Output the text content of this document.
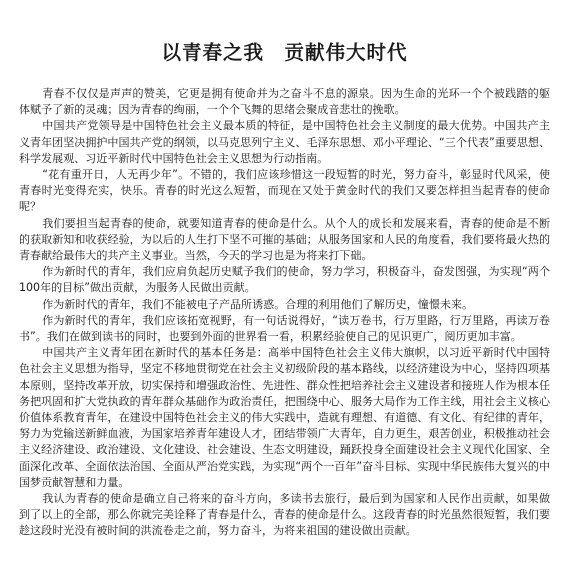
以青春之我　贡献伟大时代

青春不仅仅是声声的赞美，它更是拥有使命并为之奋斗不息的源泉。因为生命的光环一个个被践踏的躯体赋予了新的灵魂；因为青春的绚丽，一个个飞舞的思绪会聚成音悲壮的挽歌。

中国共产党领导是中国特色社会主义最本质的特征，是中国特色社会主义制度的最大优势。中国共产主义青年团坚决拥护中国共产党的纲领，以马克思列宁主义、毛泽东思想、邓小平理论、“三个代表”重要思想、科学发展观、习近平新时代中国特色社会主义思想为行动指南。

“花有重开日，人无再少年”。不错的，我们应该珍惜这一段短暂的时光，努力奋斗，彰显时代风采，使青春时光变得充实，快乐。青春的时光这么短暂，而现在又处于黄金时代的我们又要怎样担当起青春的使命呢？

我们要担当起青春的使命，就要知道青春的使命是什么。从个人的成长和发展来看，青春的使命是不断的获取新知和收获经验，为以后的人生打下坚不可摧的基础；从服务国家和人民的角度看，我们要将最火热的青春献给最伟大的共产主义事业。当然，今天的学习也是为将来打下础。

作为新时代的青年，我们应肩负起历史赋予我们的使命，努力学习，积极奋斗，奋发图强，为实现“两个100年的目标”做出贡献，为服务人民做出贡献。

作为新时代的青年，我们不能被电子产品所诱惑。合理的利用他们了解历史，憧憬未来。

作为新时代的青年，我们应该拓宽视野，有一句话说得好，“读万卷书，行万里路，行万里路，再读万卷书”。我们在做到读书的同时，也要到外面的世界看一看，积累经验使自己的见识更广，阅历更加丰富。

中国共产主义青年团在新时代的基本任务是：高举中国特色社会主义伟大旗帜，以习近平新时代中国特色社会主义思想为指导，坚定不移地贯彻党在社会主义初级阶段的基本路线，以经济建设为中心，坚持四项基本原则，坚持改革开放，切实保持和增强政治性、先进性、群众性把培养社会主义建设者和接班人作为根本任务把巩固和扩大党执政的青年群众基础作为政治责任，把围绕中心、服务大局作为工作主线，用社会主义核心价值体系教育青年，在建设中国特色社会主义的伟大实践中，造就有理想、有道德、有文化、有纪律的青年，努力为党输送新鲜血液，为国家培养青年建设人才，团结带领广大青年，自力更生，艰苦创业，积极推动社会主义经济建设、政治建设、文化建设、社会建设、生态文明建设，踊跃投身全面建设社会主义现代化国家、全面深化改革、全面依法治国、全面从严治党实践，为实现“两个一百年”奋斗目标、实现中华民族伟大复兴的中国梦贡献智慧和力量。

我认为青春的使命是确立自己将来的奋斗方向，多读书去旅行，最后到为国家和人民作出贡献，如果做到了以上的全部，那么你就完美诠释了青春是什么，青春的使命是什么。这段青春的时光虽然很短暂，我们要趁这段时光没有被时间的洪流卷走之前，努力奋斗，为将来祖国的建设做出贡献。
